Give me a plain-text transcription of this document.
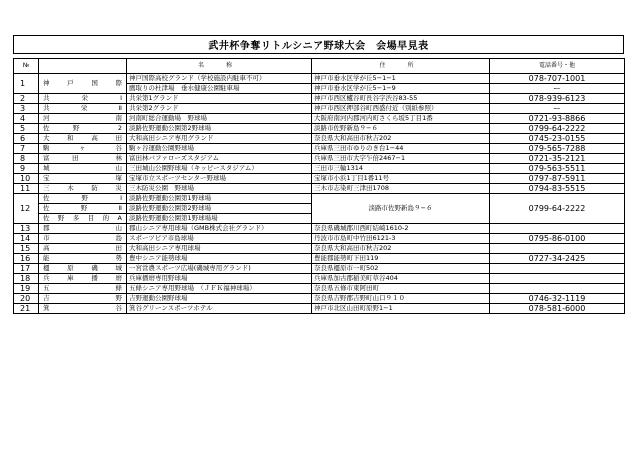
武井杯争奪リトルシニア野球大会　会場早見表
№		名　称	住　所	電話番号・他
1	神　戸　国　際	神戸国際高校グランド（学校施設内駐車不可）	神戸市垂水区学が丘5−1−1	078-707-1001
		鷹取りの杜津場　垂水健康公園駐車場	神戸市垂水区学が丘5−1−9	ー
2	共　　栄　　Ⅰ	共栄第1グランド	神戸市西区櫨谷町長谷字渋谷83-55	078-939-6123
3	共　　栄　　Ⅱ	共栄第2グランド	神戸市西区押部谷町西盛付近（別紙参照）	ー
4	河　　　　　南	河南町総合運動場　野球場	大阪府南河内郡河内町さくら坂5丁目1番	0721-93-8866
5	佐　野　　2	淡路佐野運動公園第2野球場	淡路市佐野新島９−６	0799-64-2222
6	大　和　高　田	大和高田シニア専用グランド	奈良県大和高田市秋吉202	0745-23-0155
7	駒　ヶ　谷	駒ヶ谷運動公園野球場	兵庫県三田市ゆりのき台1−44	079-565-7288
8	富　田　　林	富田林バファローズスタジアム	兵庫県三田市大字乍倍2467−1	0721-35-2121
9	城　　　　　山	三田城山公園野球場（キッピースタジアム）	三田市三輪1314	079-563-5511
10	宝　　　　　塚	宝塚市立スポーツセンター野球場	宝塚市小浜1丁目1番11号	0797-87-5911
11	三　木　防　災	三木防災公園　野球場	三木市志染町三津田1708	0794-83-5515
12	佐　野　Ⅰ	淡路佐野運動公園第1野球場	淡路市佐野新島９−６	0799-64-2222
	佐　野　Ⅱ	淡路佐野運動公園第2野球場		
	佐　野　多　目　的　A	淡路佐野運動公園第1野球場場		
13	郡　　　　　山	郡山シニア専用球場（GMB株式会社グランド）	奈良県磯城郡川西町結崎1610-2	
14	市　　　　　島	スポーツピア市島球場	丹波市市島町中竹田6121-3	0795-86-0100
15	高　　　　　田	大和高田シニア専用球場	奈良県大和高田市秋吉202	
16	能　　　　　勢	豊中シニア能勢球場	豊能郡能勢町下田119	0727-34-2425
17	橿　原　磯　城	一宮営農スポーツ広場(磯城専用グランド)	奈良県橿原市一町502	
18	兵　　庫　　播　　磨	兵庫播磨専用野球場	兵庫県加古郡稲美町草谷404	
19	五　　　　　條	五條シニア専用野球場　（ＪＦＫ福神球場）	奈良県五條市東阿田町	
20	吉　　　　　野	吉野運動公園野球場	奈良県吉野郡吉野町山口９１０	0746-32-1119
21	箕　　　　　谷	箕谷グリーンスポーツホテル	神戸市北区山田町原野1−1	078-581-6000
